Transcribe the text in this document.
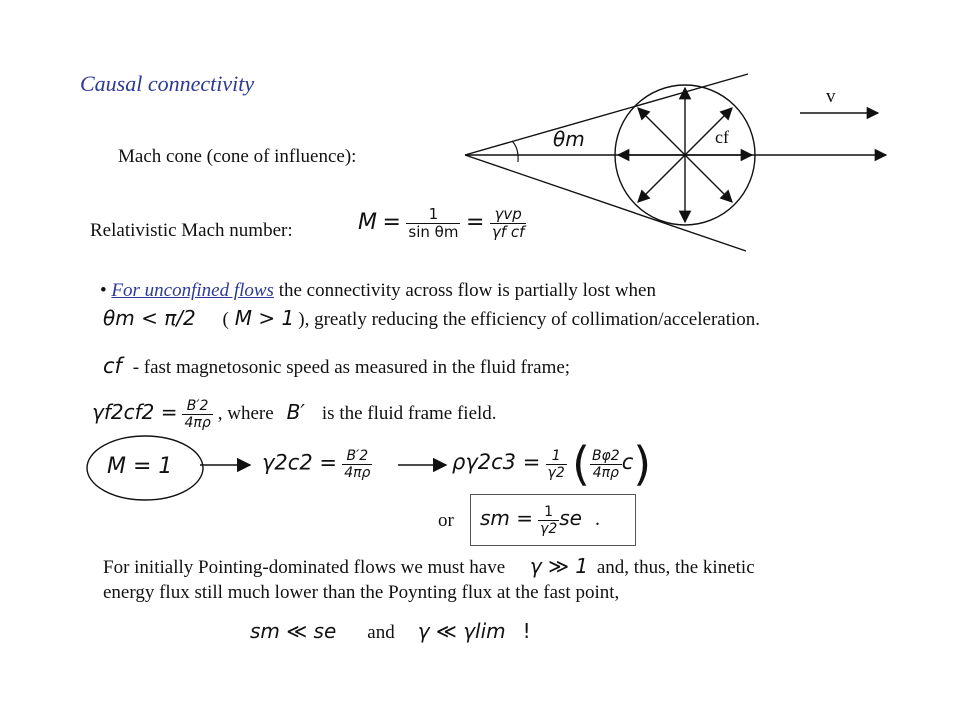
Causal connectivity
v
cf
θm
Mach cone (cone of influence):
Relativistic Mach number:	$M = \frac{1}{\text{sin θm}} = \frac{\text{γvp}}{\text{γf cf}}$
• For unconfined flows the connectivity across flow is partially lost when
θm < π/2 ( M > 1 ), greatly reducing the efficiency of collimation/acceleration.
cf - fast magnetosonic speed as measured in the fluid frame;
$\gamma f2cf2 = \frac{B'2}{4\pi\rho}$ , where B′ is the fluid frame field.
M = 1	$\gamma 2c2 = \frac{B'2}{4\pi\rho}$	$\rho\gamma 2c3 = \frac{1}{\gamma 2}$ ( $\frac{B\varphi 2}{4\pi\rho} c$)
or sm = $\frac{1}{\gamma 2}$ se .
For initially Pointing-dominated flows we must have γ ≫ 1 and, thus, the kinetic
energy flux still much lower than the Poynting flux at the fast point,
sm ≪ se and γ ≪ γlim !
